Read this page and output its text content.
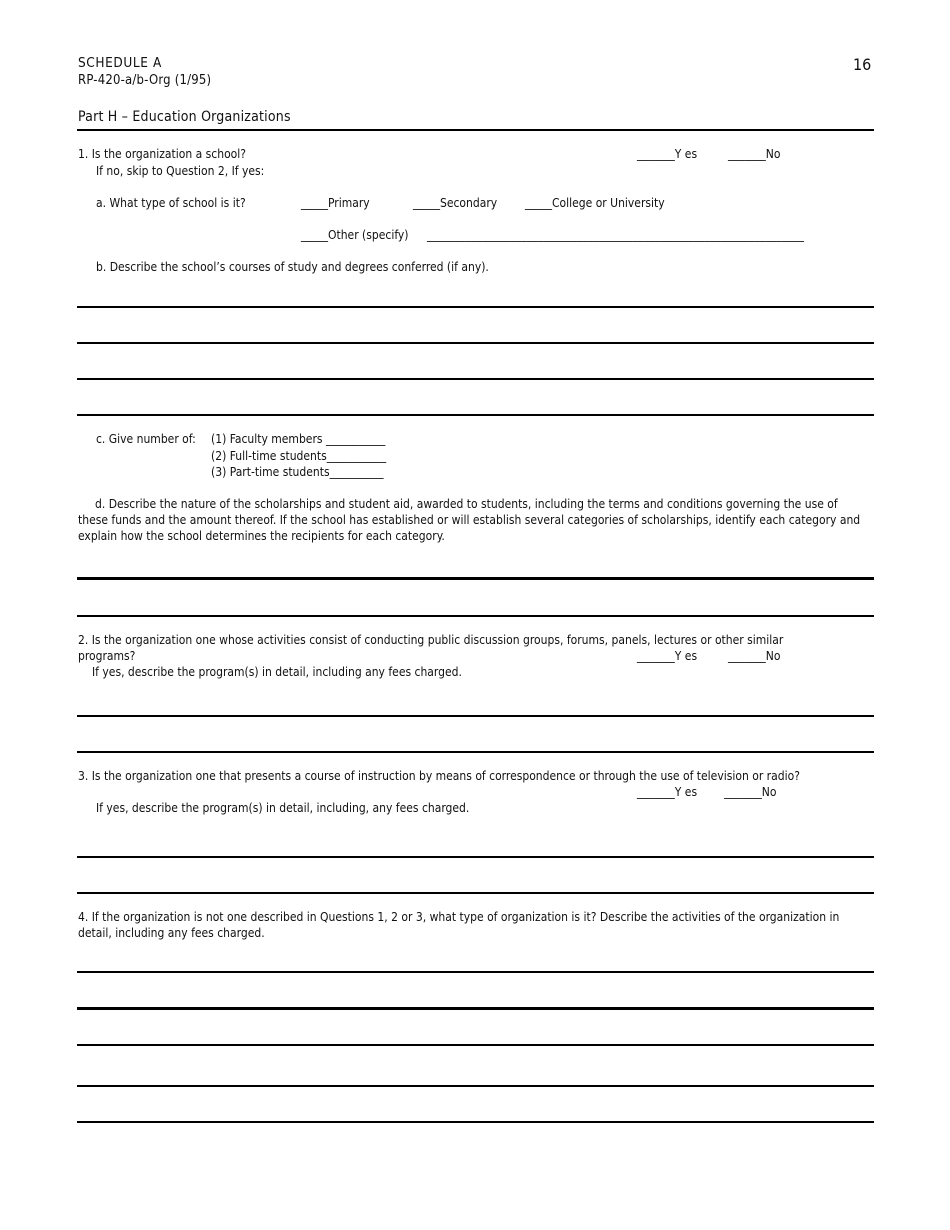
SCHEDULE A
RP-420-a/b-Org (1/95)
16
Part H – Education Organizations
1. Is the organization a school?	_______Y es	_______No
If no, skip to Question 2, If yes:
a. What type of school is it?	_____Primary	_____Secondary _____College or University
_____Other (specify) ____________________________________________________________________
b. Describe the school’s courses of study and degrees conferred (if any).
c. Give number of: (1) Faculty members ___________
(2) Full-time students___________
(3) Part-time students__________
d. Describe the nature of the scholarships and student aid, awarded to students, including the terms and conditions governing the use of these funds and the amount thereof. If the school has established or will establish several categories of scholarships, identify each category and explain how the school determines the recipients for each category.
2. Is the organization one whose activities consist of conducting public discussion groups, forums, panels, lectures or other similar programs?	_______Y es	_______No
If yes, describe the program(s) in detail, including any fees charged.
3. Is the organization one that presents a course of instruction by means of correspondence or through the use of television or radio?
_______Y es _______No
If yes, describe the program(s) in detail, including, any fees charged.
4. If the organization is not one described in Questions 1, 2 or 3, what type of organization is it? Describe the activities of the organization in detail, including any fees charged.
